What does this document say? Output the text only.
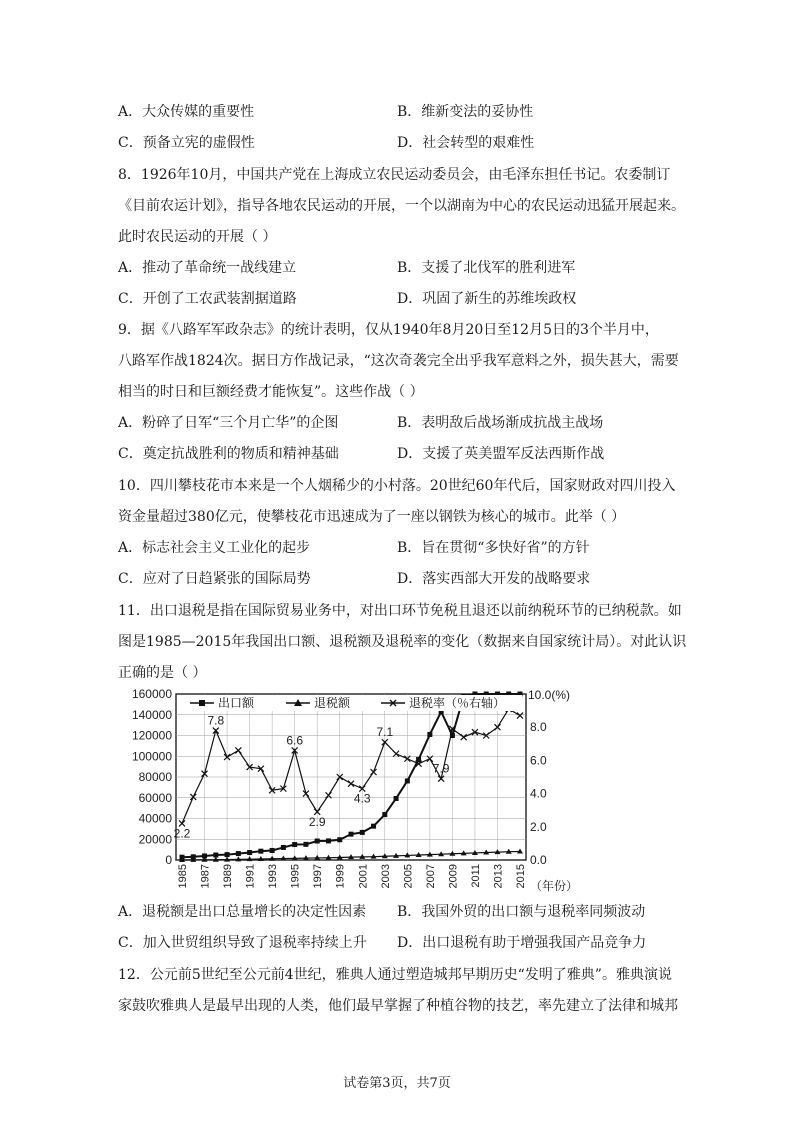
A．大众传媒的重要性	B．维新变法的妥协性
C．预备立宪的虚假性	D．社会转型的艰难性
8．1926年10月，中国共产党在上海成立农民运动委员会，由毛泽东担任书记。农委制订
《目前农运计划》，指导各地农民运动的开展，一个以湖南为中心的农民运动迅猛开展起来。
此时农民运动的开展（ ）
A．推动了革命统一战线建立	B．支援了北伐军的胜利进军
C．开创了工农武装割据道路	D．巩固了新生的苏维埃政权
9．据《八路军军政杂志》的统计表明，仅从1940年8月20日至12月5日的3个半月中，
八路军作战1824次。据日方作战记录，“这次奇袭完全出乎我军意料之外，损失甚大，需要
相当的时日和巨额经费才能恢复”。这些作战（ ）
A．粉碎了日军“三个月亡华”的企图	B．表明敌后战场渐成抗战主战场
C．奠定抗战胜利的物质和精神基础	D．支援了英美盟军反法西斯作战
10．四川攀枝花市本来是一个人烟稀少的小村落。20世纪60年代后，国家财政对四川投入
资金量超过380亿元，使攀枝花市迅速成为了一座以钢铁为核心的城市。此举（ ）
A．标志社会主义工业化的起步	B．旨在贯彻“多快好省”的方针
C．应对了日趋紧张的国际局势	D．落实西部大开发的战略要求
11．出口退税是指在国际贸易业务中，对出口环节免税且退还以前纳税环节的已纳税款。如
图是1985—2015年我国出口额、退税额及退税率的变化（数据来自国家统计局）。对此认识
正确的是（ ）
0
20000
40000
60000
80000
100000
120000
140000
160000
0.0
2.0
4.0
6.0
8.0
10.0(%)
1985 1987 1989 1991 1993 1995 1997 1999 2001 2003 2005 2007 2009 2011 2013 2015 （年份）
2.2
7.8
6.6
2.9
4.3
7.1
7.9
出口额	退税额	退税率（％右轴）
A．退税额是出口总量增长的决定性因素 B．我国外贸的出口额与退税率同频波动
C．加入世贸组织导致了退税率持续上升 D．出口退税有助于增强我国产品竞争力
12．公元前5世纪至公元前4世纪，雅典人通过塑造城邦早期历史“发明了雅典”。雅典演说
家鼓吹雅典人是最早出现的人类，他们最早掌握了种植谷物的技艺，率先建立了法律和城邦
试卷第3页，共7页
